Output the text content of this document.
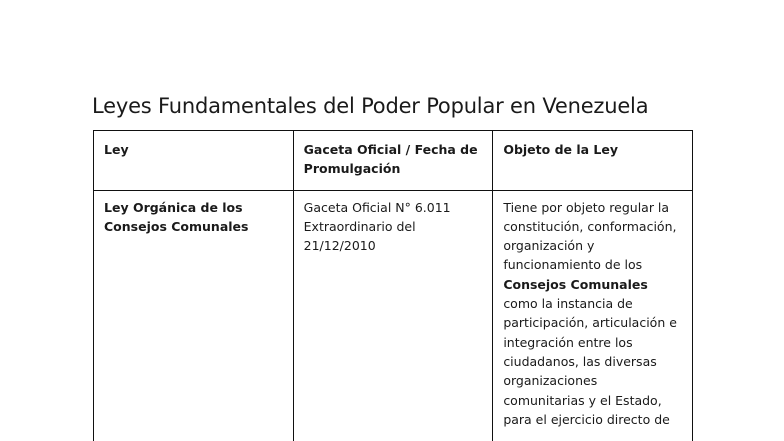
Leyes Fundamentales del Poder Popular en Venezuela
Ley	Gaceta Oficial / Fecha de Promulgación	Objeto de la Ley
Ley Orgánica de los Consejos Comunales	Gaceta Oficial N° 6.011 Extraordinario del 21/12/2010	Tiene por objeto regular la constitución, conformación, organización y funcionamiento de los Consejos Comunales como la instancia de participación, articulación e integración entre los ciudadanos, las diversas organizaciones comunitarias y el Estado, para el ejercicio directo de
